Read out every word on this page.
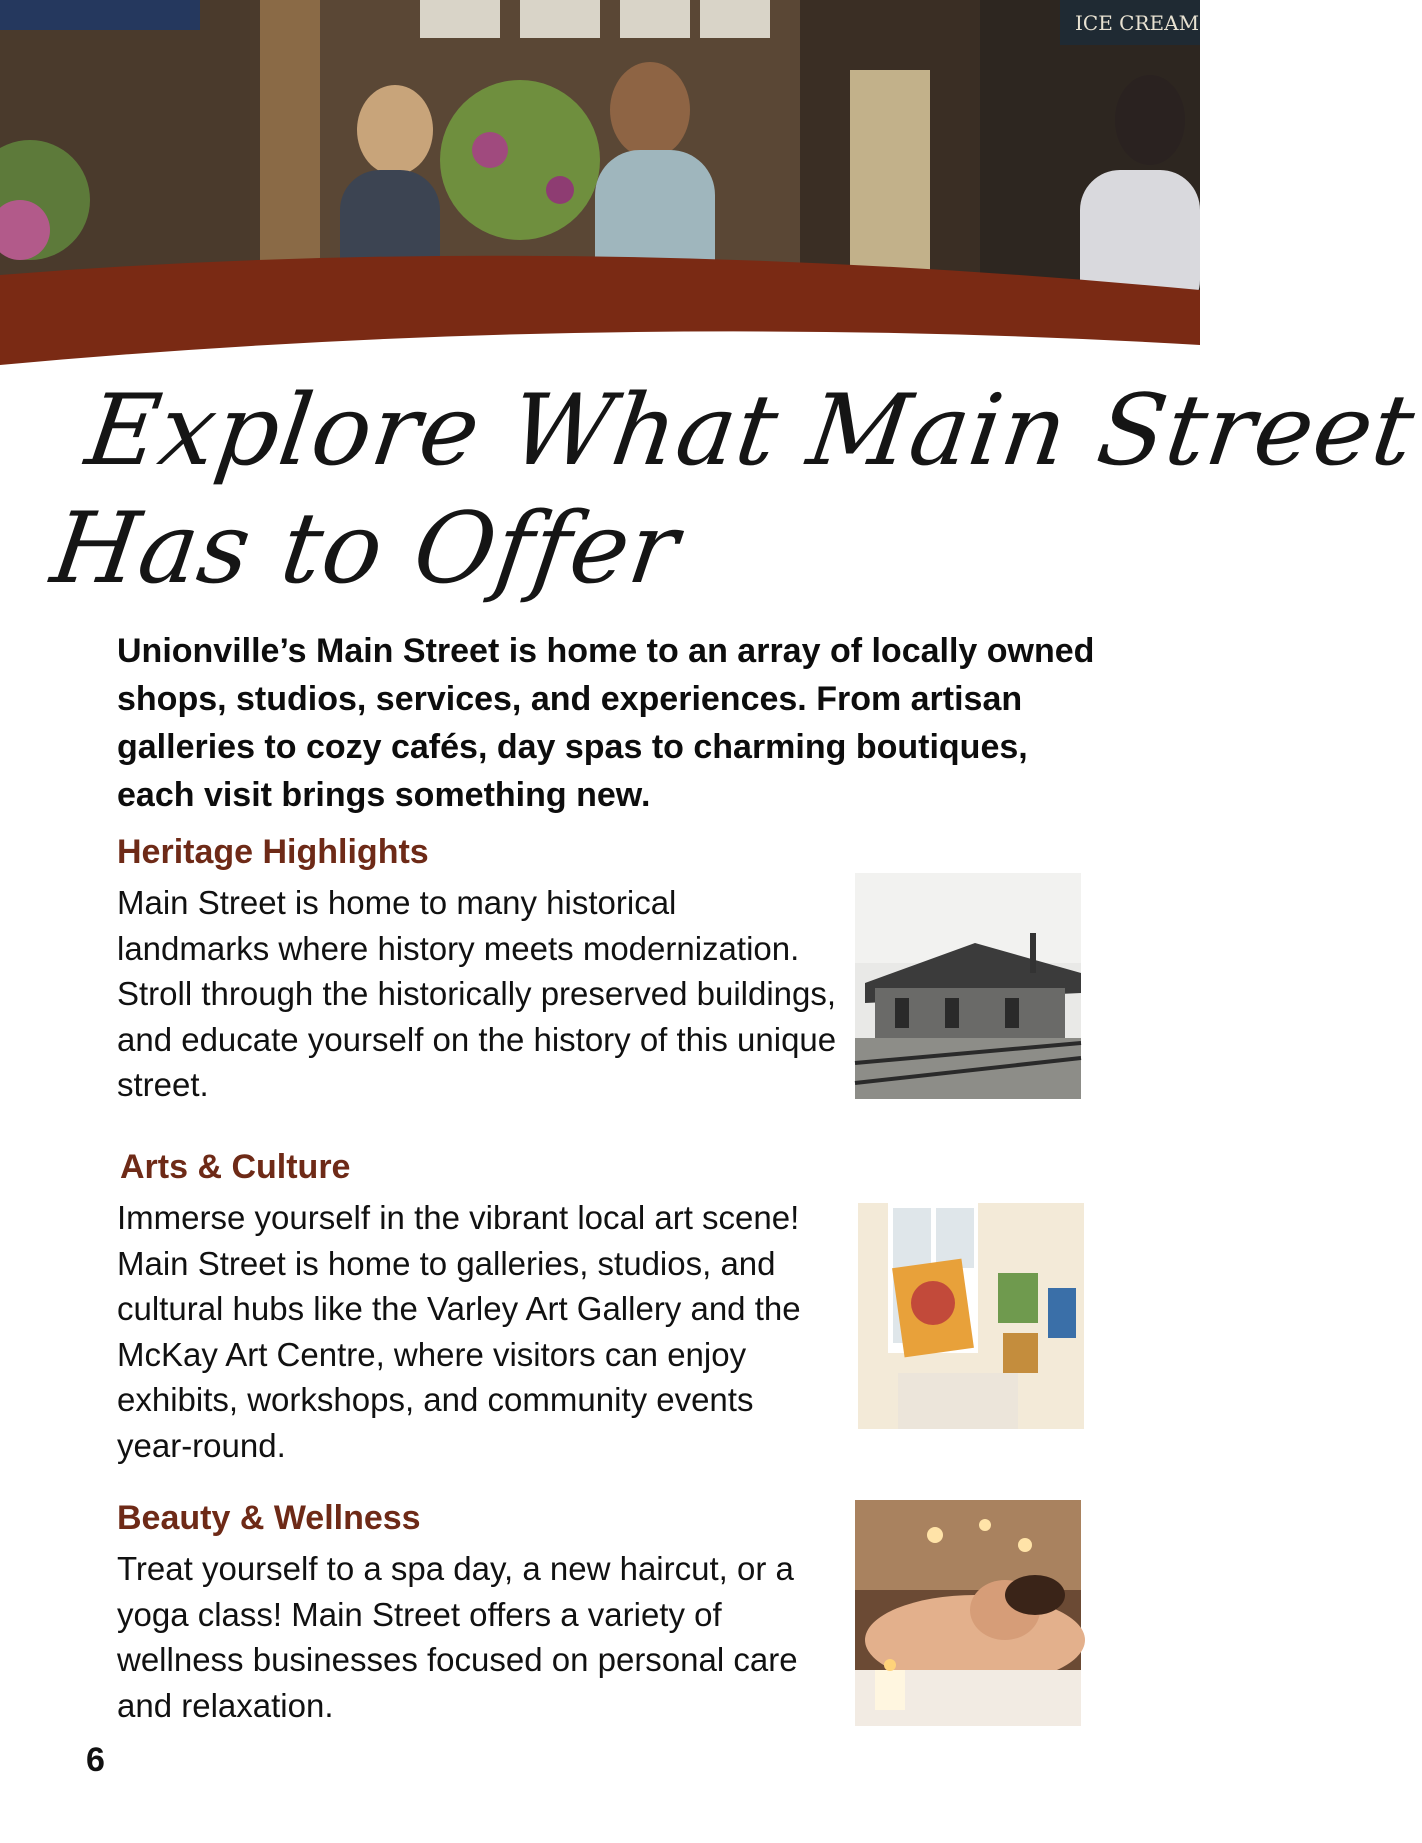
ICE CREAM
Explore What Main Street
Has to Offer
Unionville’s Main Street is home to an array of locally owned shops, studios, services, and experiences. From artisan galleries to cozy cafés, day spas to charming boutiques, each visit brings something new.
Heritage Highlights

Main Street is home to many historical landmarks where history meets modernization. Stroll through the historically preserved buildings, and educate yourself on the history of this unique street.

Arts & Culture

Immerse yourself in the vibrant local art scene! Main Street is home to galleries, studios, and cultural hubs like the Varley Art Gallery and the McKay Art Centre, where visitors can enjoy exhibits, workshops, and community events year-round.

Beauty & Wellness

Treat yourself to a spa day, a new haircut, or a yoga class! Main Street offers a variety of wellness businesses focused on personal care and relaxation.

6
